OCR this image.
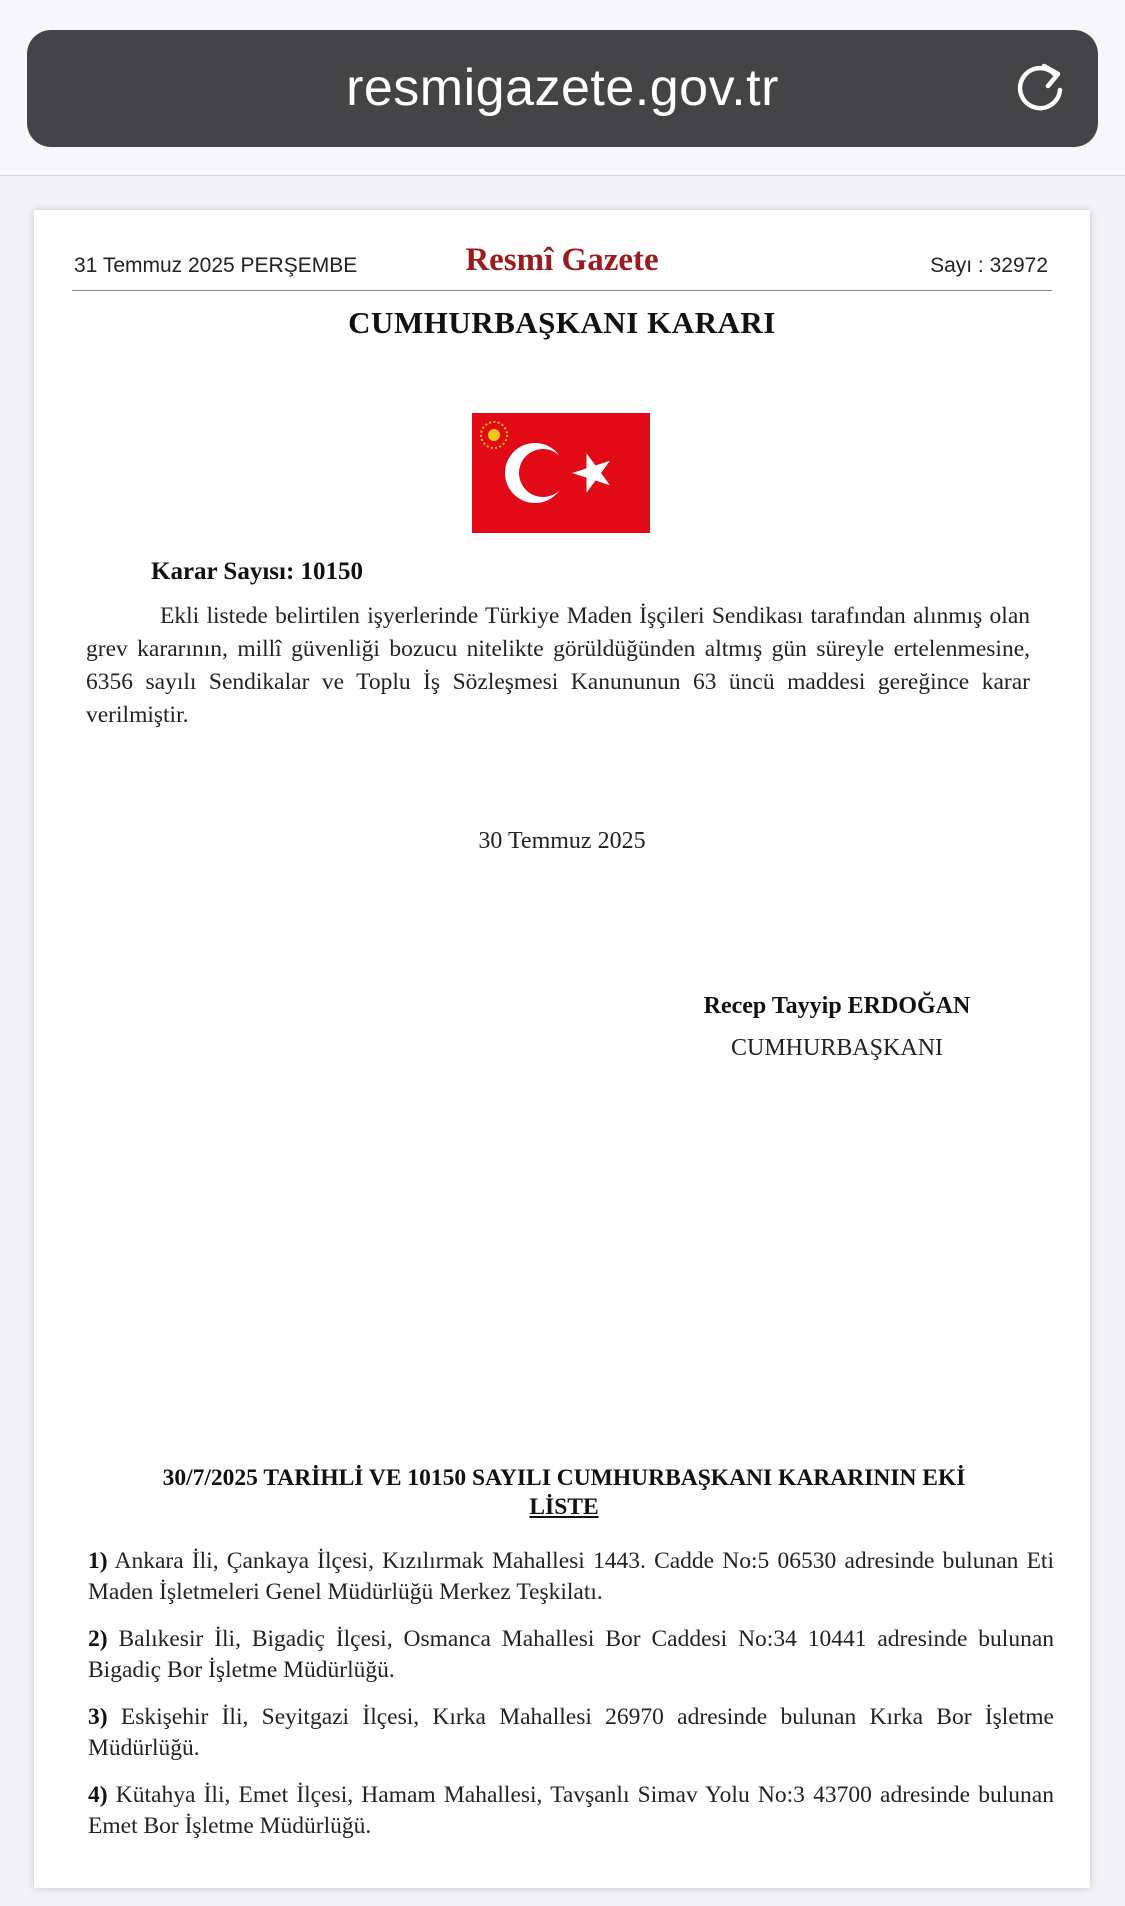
resmigazete.gov.tr
31 Temmuz 2025 PERŞEMBE	Resmî Gazete	Sayı : 32972
CUMHURBAŞKANI KARARI
Karar Sayısı: 10150
Ekli listede belirtilen işyerlerinde Türkiye Maden İşçileri Sendikası tarafından alınmış olan grev kararının, millî güvenliği bozucu nitelikte görüldüğünden altmış gün süreyle ertelenmesine, 6356 sayılı Sendikalar ve Toplu İş Sözleşmesi Kanununun 63 üncü maddesi gereğince karar verilmiştir.
30 Temmuz 2025
Recep Tayyip ERDOĞAN
CUMHURBAŞKANI
30/7/2025 TARİHLİ VE 10150 SAYILI CUMHURBAŞKANI KARARININ EKİ
LİSTE
1) Ankara İli, Çankaya İlçesi, Kızılırmak Mahallesi 1443. Cadde No:5 06530 adresinde bulunan Eti Maden İşletmeleri Genel Müdürlüğü Merkez Teşkilatı.
2) Balıkesir İli, Bigadiç İlçesi, Osmanca Mahallesi Bor Caddesi No:34 10441 adresinde bulunan Bigadiç Bor İşletme Müdürlüğü.
3) Eskişehir İli, Seyitgazi İlçesi, Kırka Mahallesi 26970 adresinde bulunan Kırka Bor İşletme Müdürlüğü.
4) Kütahya İli, Emet İlçesi, Hamam Mahallesi, Tavşanlı Simav Yolu No:3 43700 adresinde bulunan Emet Bor İşletme Müdürlüğü.
